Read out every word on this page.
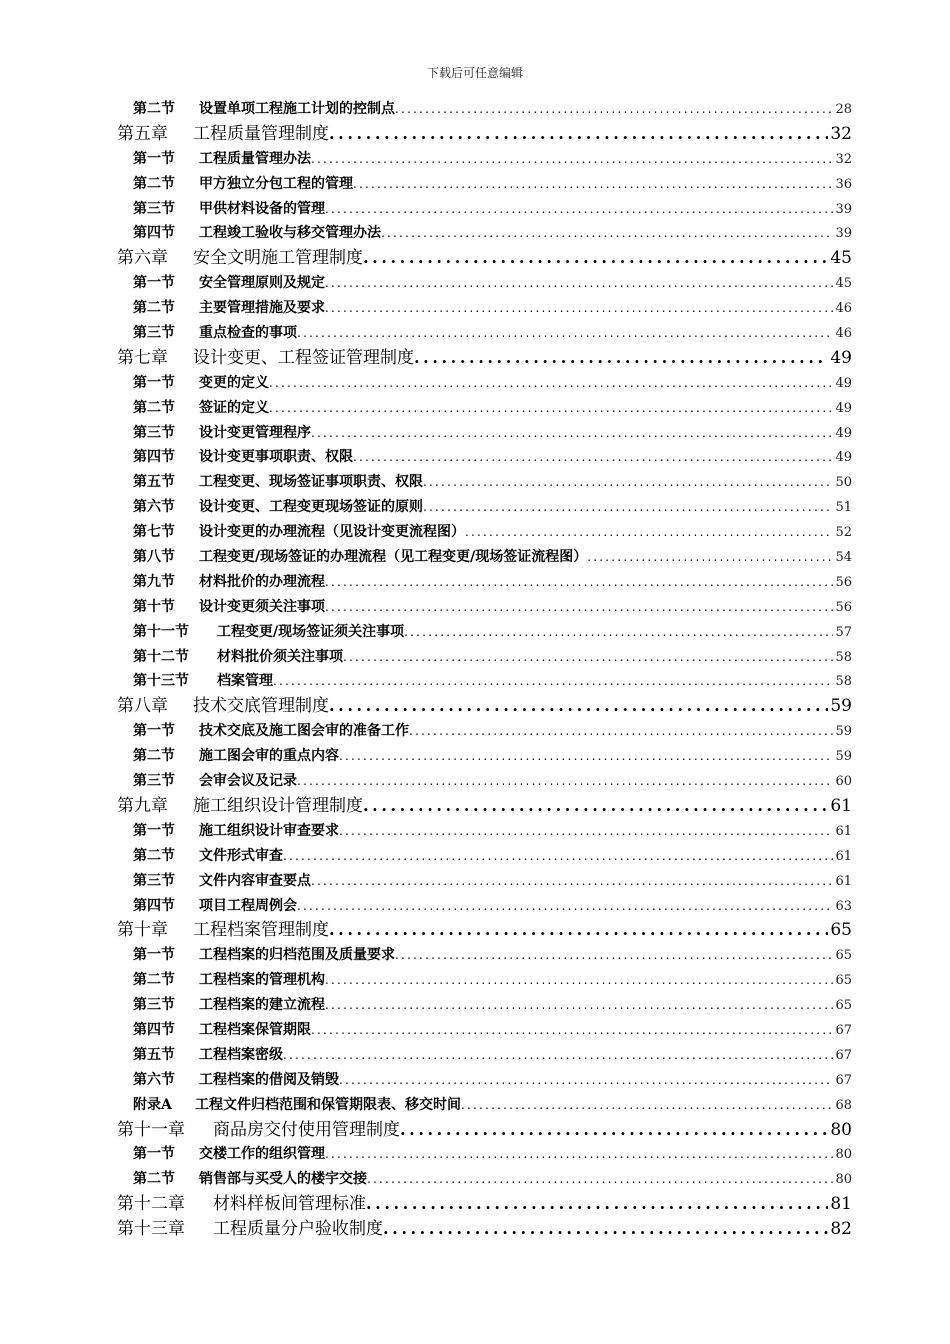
下载后可任意编辑
第二节 设置单项工程施工计划的控制点 .....	28
第五章 工程质量管理制度 .....	32
第一节 工程质量管理办法 .....	32
第二节 甲方独立分包工程的管理 .....	36
第三节 甲供材料设备的管理 .....	39
第四节 工程竣工验收与移交管理办法 .....	39
第六章 安全文明施工管理制度 .....	45
第一节 安全管理原则及规定 .....	45
第二节 主要管理措施及要求 .....	46
第三节 重点检查的事项 .....	46
第七章 设计变更、工程签证管理制度 .....	49
第一节 变更的定义 .....	49
第二节 签证的定义 .....	49
第三节 设计变更管理程序 .....	49
第四节 设计变更事项职责、权限 .....	49
第五节 工程变更、现场签证事项职责、权限 .....	50
第六节 设计变更、工程变更现场签证的原则 .....	51
第七节 设计变更的办理流程（见设计变更流程图） .....	52
第八节 工程变更/现场签证的办理流程（见工程变更/现场签证流程图） .....	54
第九节 材料批价的办理流程 .....	56
第十节 设计变更须关注事项 .....	56
第十一节 工程变更/现场签证须关注事项 .....	57
第十二节 材料批价须关注事项 .....	58
第十三节 档案管理 .....	58
第八章 技术交底管理制度 .....	59
第一节 技术交底及施工图会审的准备工作 .....	59
第二节 施工图会审的重点内容 .....	59
第三节 会审会议及记录 .....	60
第九章 施工组织设计管理制度 .....	61
第一节 施工组织设计审查要求 .....	61
第二节 文件形式审查 .....	61
第三节 文件内容审查要点 .....	61
第四节 项目工程周例会 .....	63
第十章 工程档案管理制度 .....	65
第一节 工程档案的归档范围及质量要求 .....	65
第二节 工程档案的管理机构 .....	65
第三节 工程档案的建立流程 .....	65
第四节 工程档案保管期限 .....	67
第五节 工程档案密级 .....	67
第六节 工程档案的借阅及销毁 .....	67
附录A 工程文件归档范围和保管期限表、移交时间 .....	68
第十一章 商品房交付使用管理制度 .....	80
第一节 交楼工作的组织管理 .....	80
第二节 销售部与买受人的楼宇交接 .....	80
第十二章 材料样板间管理标准 .....	81
第十三章 工程质量分户验收制度 .....	82
